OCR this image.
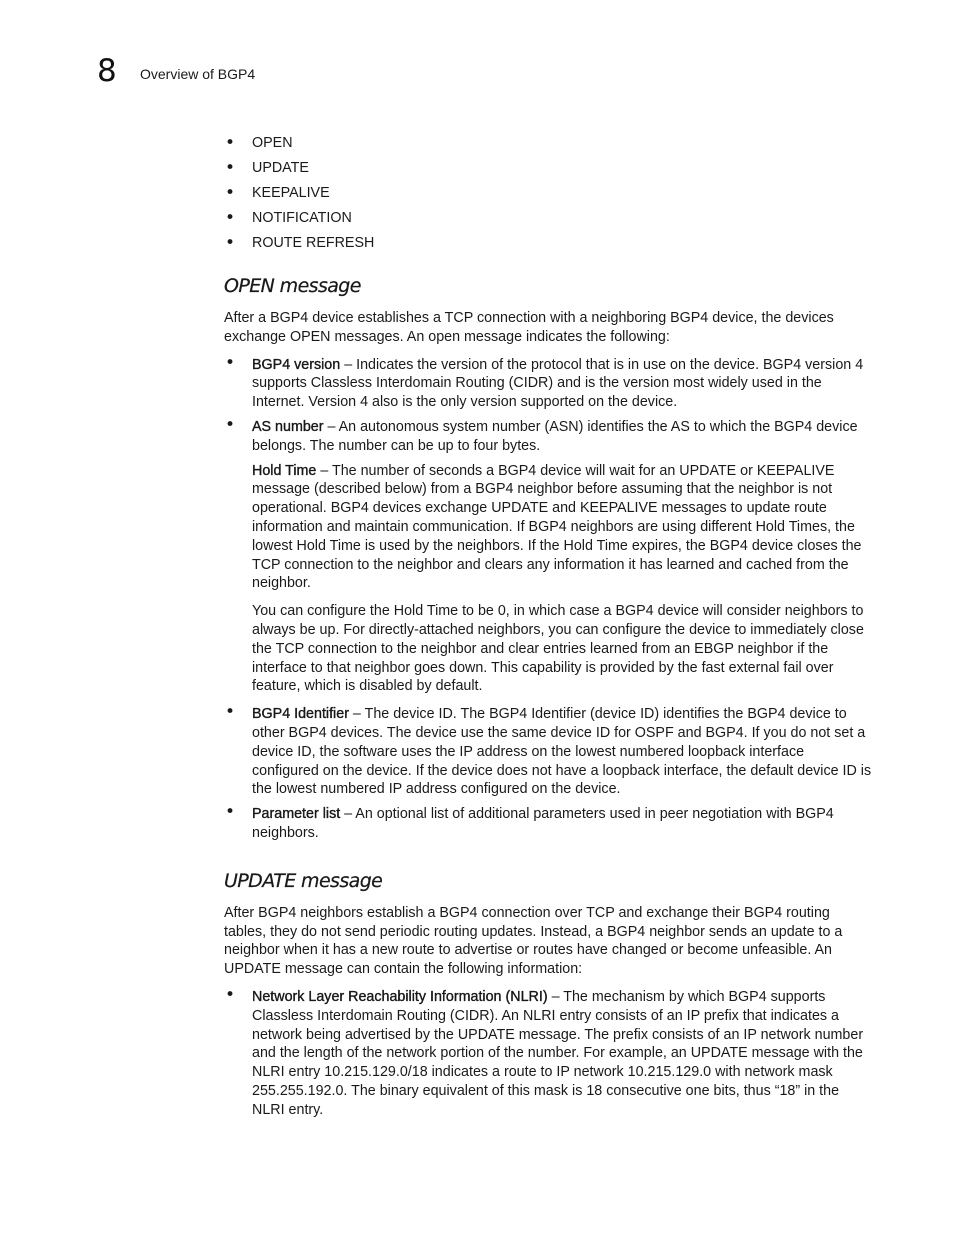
8 Overview of BGP4
• OPEN
• UPDATE
• KEEPALIVE
• NOTIFICATION
• ROUTE REFRESH
OPEN message

After a BGP4 device establishes a TCP connection with a neighboring BGP4 device, the devices exchange OPEN messages. An open message indicates the following:

• BGP4 version – Indicates the version of the protocol that is in use on the device. BGP4 version 4 supports Classless Interdomain Routing (CIDR) and is the version most widely used in the Internet. Version 4 also is the only version supported on the device.
• AS number – An autonomous system number (ASN) identifies the AS to which the BGP4 device belongs. The number can be up to four bytes.

Hold Time – The number of seconds a BGP4 device will wait for an UPDATE or KEEPALIVE message (described below) from a BGP4 neighbor before assuming that the neighbor is not operational. BGP4 devices exchange UPDATE and KEEPALIVE messages to update route information and maintain communication. If BGP4 neighbors are using different Hold Times, the lowest Hold Time is used by the neighbors. If the Hold Time expires, the BGP4 device closes the TCP connection to the neighbor and clears any information it has learned and cached from the neighbor.

You can configure the Hold Time to be 0, in which case a BGP4 device will consider neighbors to always be up. For directly-attached neighbors, you can configure the device to immediately close the TCP connection to the neighbor and clear entries learned from an EBGP neighbor if the interface to that neighbor goes down. This capability is provided by the fast external fail over feature, which is disabled by default.

• BGP4 Identifier – The device ID. The BGP4 Identifier (device ID) identifies the BGP4 device to other BGP4 devices. The device use the same device ID for OSPF and BGP4. If you do not set a device ID, the software uses the IP address on the lowest numbered loopback interface configured on the device. If the device does not have a loopback interface, the default device ID is the lowest numbered IP address configured on the device.
• Parameter list – An optional list of additional parameters used in peer negotiation with BGP4 neighbors.
UPDATE message

After BGP4 neighbors establish a BGP4 connection over TCP and exchange their BGP4 routing tables, they do not send periodic routing updates. Instead, a BGP4 neighbor sends an update to a neighbor when it has a new route to advertise or routes have changed or become unfeasible. An UPDATE message can contain the following information:

• Network Layer Reachability Information (NLRI) – The mechanism by which BGP4 supports Classless Interdomain Routing (CIDR). An NLRI entry consists of an IP prefix that indicates a network being advertised by the UPDATE message. The prefix consists of an IP network number and the length of the network portion of the number. For example, an UPDATE message with the NLRI entry 10.215.129.0/18 indicates a route to IP network 10.215.129.0 with network mask 255.255.192.0. The binary equivalent of this mask is 18 consecutive one bits, thus “18” in the NLRI entry.
